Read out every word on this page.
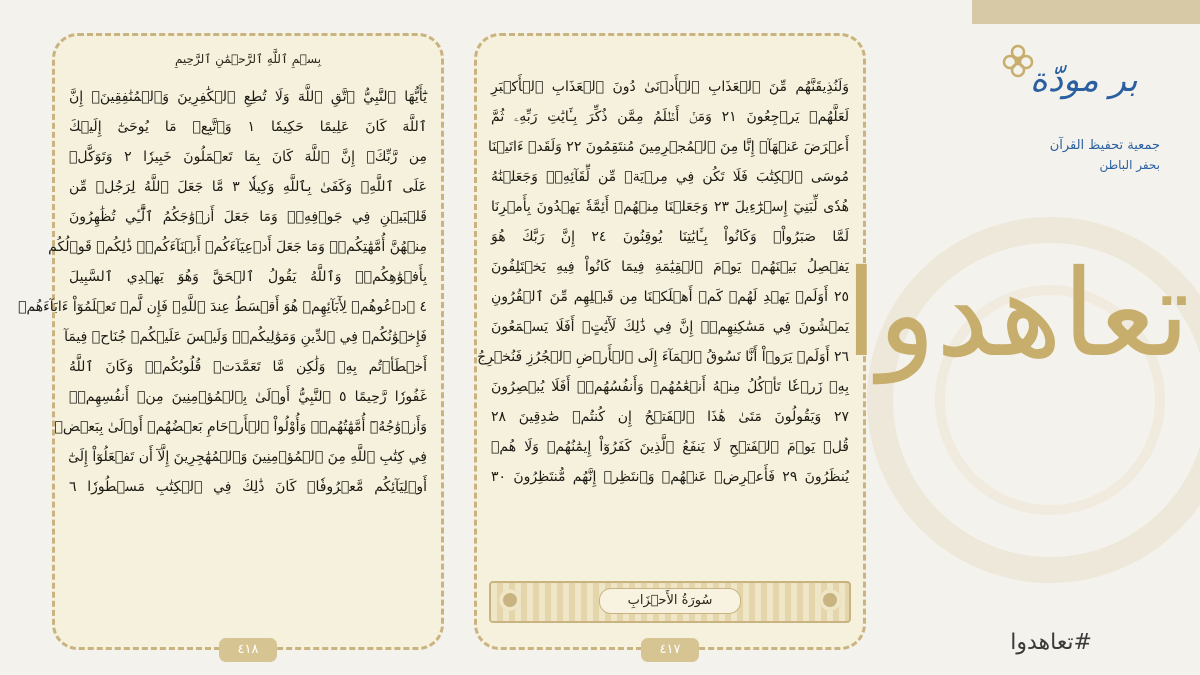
بِسۡمِ ٱللَّهِ ٱلرَّحۡمَٰنِ ٱلرَّحِيمِ
يَٰٓأَيُّهَا ٱلنَّبِيُّ ٱتَّقِ ٱللَّهَ وَلَا تُطِعِ ٱلۡكَٰفِرِينَ وَٱلۡمُنَٰفِقِينَۚ إِنَّ
ٱللَّهَ كَانَ عَلِيمًا حَكِيمٗا ١ وَٱتَّبِعۡ مَا يُوحَىٰٓ إِلَيۡكَ
مِن رَّبِّكَۚ إِنَّ ٱللَّهَ كَانَ بِمَا تَعۡمَلُونَ خَبِيرٗا ٢ وَتَوَكَّلۡ
عَلَى ٱللَّهِۚ وَكَفَىٰ بِٱللَّهِ وَكِيلٗا ٣ مَّا جَعَلَ ٱللَّهُ لِرَجُلٖ مِّن
قَلۡبَيۡنِ فِي جَوۡفِهِۦۚ وَمَا جَعَلَ أَزۡوَٰجَكُمُ ٱلَّٰٓـِٔي تُظَٰهِرُونَ
مِنۡهُنَّ أُمَّهَٰتِكُمۡۚ وَمَا جَعَلَ أَدۡعِيَآءَكُمۡ أَبۡنَآءَكُمۡۚ ذَٰلِكُمۡ قَوۡلُكُم
بِأَفۡوَٰهِكُمۡۖ وَٱللَّهُ يَقُولُ ٱلۡحَقَّ وَهُوَ يَهۡدِي ٱلسَّبِيلَ
٤ ٱدۡعُوهُمۡ لِأٓبَآئِهِمۡ هُوَ أَقۡسَطُ عِندَ ٱللَّهِۚ فَإِن لَّمۡ تَعۡلَمُوٓاْ ءَابَآءَهُمۡ
فَإِخۡوَٰنُكُمۡ فِي ٱلدِّينِ وَمَوَٰلِيكُمۡۚ وَلَيۡسَ عَلَيۡكُمۡ جُنَاحٞ فِيمَآ
أَخۡطَأۡتُم بِهِۦ وَلَٰكِن مَّا تَعَمَّدَتۡ قُلُوبُكُمۡۚ وَكَانَ ٱللَّهُ
غَفُورٗا رَّحِيمًا ٥ ٱلنَّبِيُّ أَوۡلَىٰ بِٱلۡمُؤۡمِنِينَ مِنۡ أَنفُسِهِمۡۖ
وَأَزۡوَٰجُهُۥٓ أُمَّهَٰتُهُمۡۗ وَأُوْلُواْ ٱلۡأَرۡحَامِ بَعۡضُهُمۡ أَوۡلَىٰ بِبَعۡضٖ
فِي كِتَٰبِ ٱللَّهِ مِنَ ٱلۡمُؤۡمِنِينَ وَٱلۡمُهَٰجِرِينَ إِلَّآ أَن تَفۡعَلُوٓاْ إِلَىٰٓ
أَوۡلِيَآئِكُم مَّعۡرُوفٗاۚ كَانَ ذَٰلِكَ فِي ٱلۡكِتَٰبِ مَسۡطُورٗا ٦
٤١٨
وَلَنُذِيقَنَّهُم مِّنَ ٱلۡعَذَابِ ٱلۡأَدۡنَىٰ دُونَ ٱلۡعَذَابِ ٱلۡأَكۡبَرِ
لَعَلَّهُمۡ يَرۡجِعُونَ ٢١ وَمَنۡ أَظۡلَمُ مِمَّن ذُكِّرَ بِـَٔايَٰتِ رَبِّهِۦ ثُمَّ
أَعۡرَضَ عَنۡهَآۚ إِنَّا مِنَ ٱلۡمُجۡرِمِينَ مُنتَقِمُونَ ٢٢ وَلَقَدۡ ءَاتَيۡنَا
مُوسَى ٱلۡكِتَٰبَ فَلَا تَكُن فِي مِرۡيَةٖ مِّن لِّقَآئِهِۦۖ وَجَعَلۡنَٰهُ
هُدٗى لِّبَنِيٓ إِسۡرَٰٓءِيلَ ٢٣ وَجَعَلۡنَا مِنۡهُمۡ أَئِمَّةٗ يَهۡدُونَ بِأَمۡرِنَا
لَمَّا صَبَرُواْۖ وَكَانُواْ بِـَٔايَٰتِنَا يُوقِنُونَ ٢٤ إِنَّ رَبَّكَ هُوَ
يَفۡصِلُ بَيۡنَهُمۡ يَوۡمَ ٱلۡقِيَٰمَةِ فِيمَا كَانُواْ فِيهِ يَخۡتَلِفُونَ
٢٥ أَوَلَمۡ يَهۡدِ لَهُمۡ كَمۡ أَهۡلَكۡنَا مِن قَبۡلِهِم مِّنَ ٱلۡقُرُونِ
يَمۡشُونَ فِي مَسَٰكِنِهِمۡۚ إِنَّ فِي ذَٰلِكَ لَأٓيَٰتٍۚ أَفَلَا يَسۡمَعُونَ
٢٦ أَوَلَمۡ يَرَوۡاْ أَنَّا نَسُوقُ ٱلۡمَآءَ إِلَى ٱلۡأَرۡضِ ٱلۡجُرُزِ فَنُخۡرِجُ
بِهِۦ زَرۡعٗا تَأۡكُلُ مِنۡهُ أَنۡعَٰمُهُمۡ وَأَنفُسُهُمۡۚ أَفَلَا يُبۡصِرُونَ
٢٧ وَيَقُولُونَ مَتَىٰ هَٰذَا ٱلۡفَتۡحُ إِن كُنتُمۡ صَٰدِقِينَ ٢٨
قُلۡ يَوۡمَ ٱلۡفَتۡحِ لَا يَنفَعُ ٱلَّذِينَ كَفَرُوٓاْ إِيمَٰنُهُمۡ وَلَا هُمۡ
يُنظَرُونَ ٢٩ فَأَعۡرِضۡ عَنۡهُمۡ وَٱنتَظِرۡ إِنَّهُم مُّنتَظِرُونَ ٣٠
سُورَةُ الأَحۡزَابِ
٤١٧
بر مودّة
جمعية تحفيظ القرآن
بحفر الباطن
تعاهدوا
#تعاهدوا
